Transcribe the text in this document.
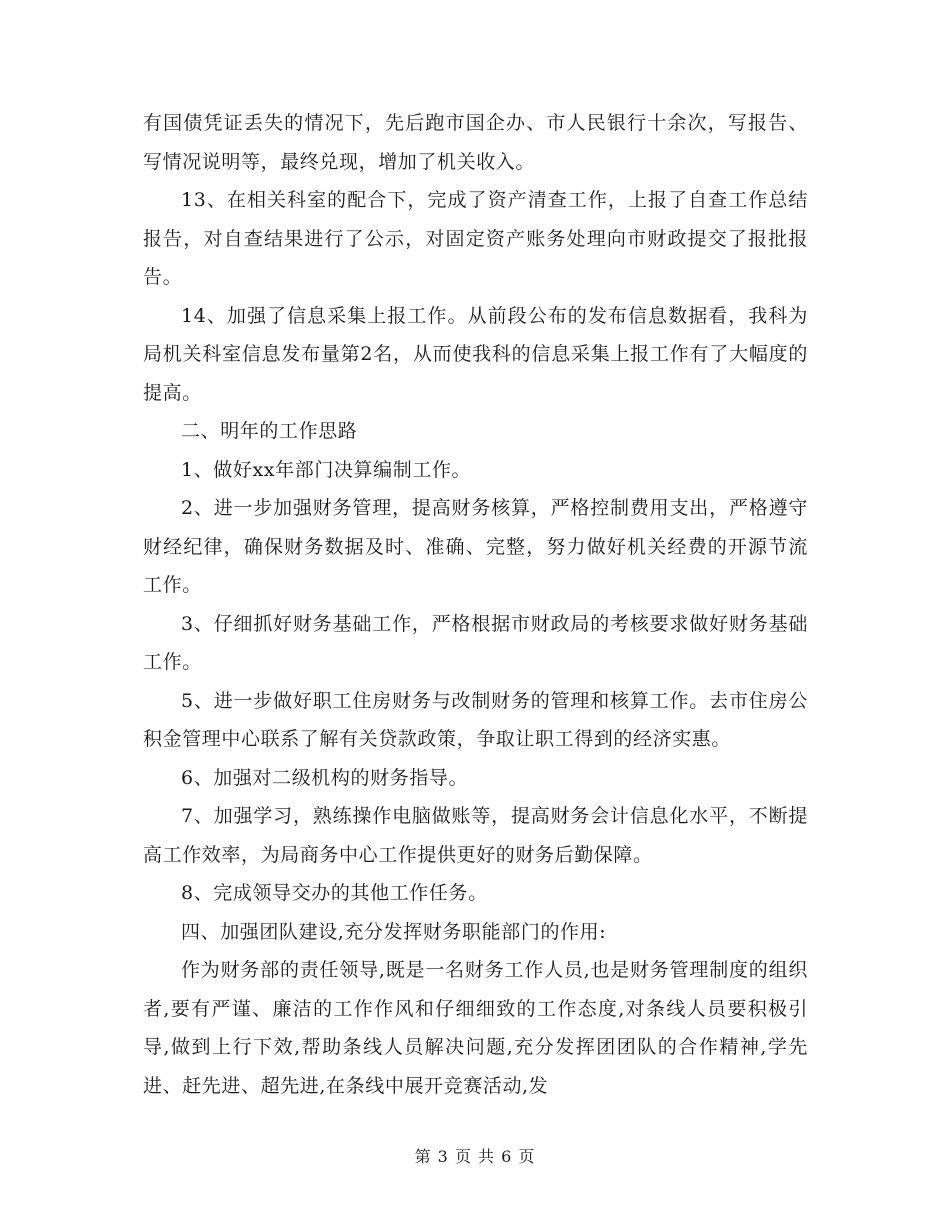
有国债凭证丢失的情况下，先后跑市国企办、市人民银行十余次，写报告、写情况说明等，最终兑现，增加了机关收入。

13、在相关科室的配合下，完成了资产清查工作，上报了自查工作总结报告，对自查结果进行了公示，对固定资产账务处理向市财政提交了报批报告。

14、加强了信息采集上报工作。从前段公布的发布信息数据看，我科为局机关科室信息发布量第2名，从而使我科的信息采集上报工作有了大幅度的提高。

二、明年的工作思路

1、做好xx年部门决算编制工作。

2、进一步加强财务管理，提高财务核算，严格控制费用支出，严格遵守财经纪律，确保财务数据及时、准确、完整，努力做好机关经费的开源节流工作。

3、仔细抓好财务基础工作，严格根据市财政局的考核要求做好财务基础工作。

5、进一步做好职工住房财务与改制财务的管理和核算工作。去市住房公积金管理中心联系了解有关贷款政策，争取让职工得到的经济实惠。

6、加强对二级机构的财务指导。

7、加强学习，熟练操作电脑做账等，提高财务会计信息化水平，不断提高工作效率，为局商务中心工作提供更好的财务后勤保障。

8、完成领导交办的其他工作任务。

四、加强团队建设,充分发挥财务职能部门的作用:

作为财务部的责任领导,既是一名财务工作人员,也是财务管理制度的组织者,要有严谨、廉洁的工作作风和仔细细致的工作态度,对条线人员要积极引导,做到上行下效,帮助条线人员解决问题,充分发挥团团队的合作精神,学先进、赶先进、超先进,在条线中展开竞赛活动,发

第 3 页 共 6 页
